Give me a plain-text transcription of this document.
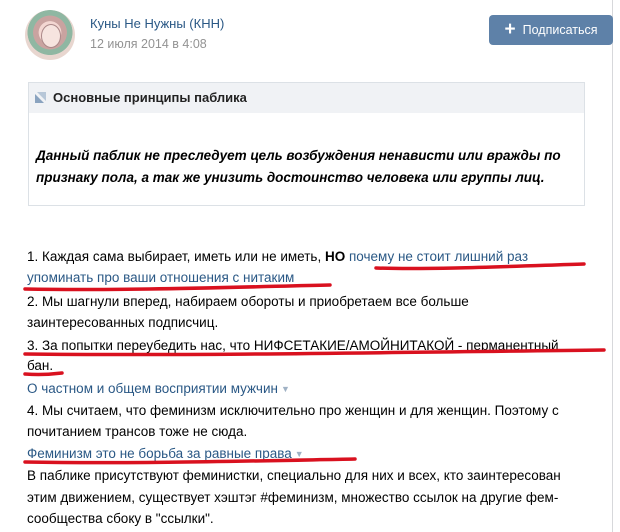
Куны Не Нужны (КНН)
12 июля 2014 в 4:08
+ Подписаться
Основные принципы паблика
Данный паблик не преследует цель возбуждения ненависти или вражды по
признаку пола, а так же унизить достоинство человека или группы лиц.
1. Каждая сама выбирает, иметь или не иметь, НО почему не стоит лишний раз
упоминать про ваши отношения с нитаким
2. Мы шагнули вперед, набираем обороты и приобретаем все больше
заинтересованных подписчиц.
3. За попытки переубедить нас, что НИФСЕТАКИЕ/АМОЙНИТАКОЙ - перманентный
бан.
О частном и общем восприятии мужчин ▼
4. Мы считаем, что феминизм исключительно про женщин и для женщин. Поэтому с
почитанием трансов тоже не сюда.
Феминизм это не борьба за равные права ▼
В паблике присутствуют феминистки, специально для них и всех, кто заинтересован
этим движением, существует хэштэг #феминизм, множество ссылок на другие фем-
сообщества сбоку в "ссылки".
